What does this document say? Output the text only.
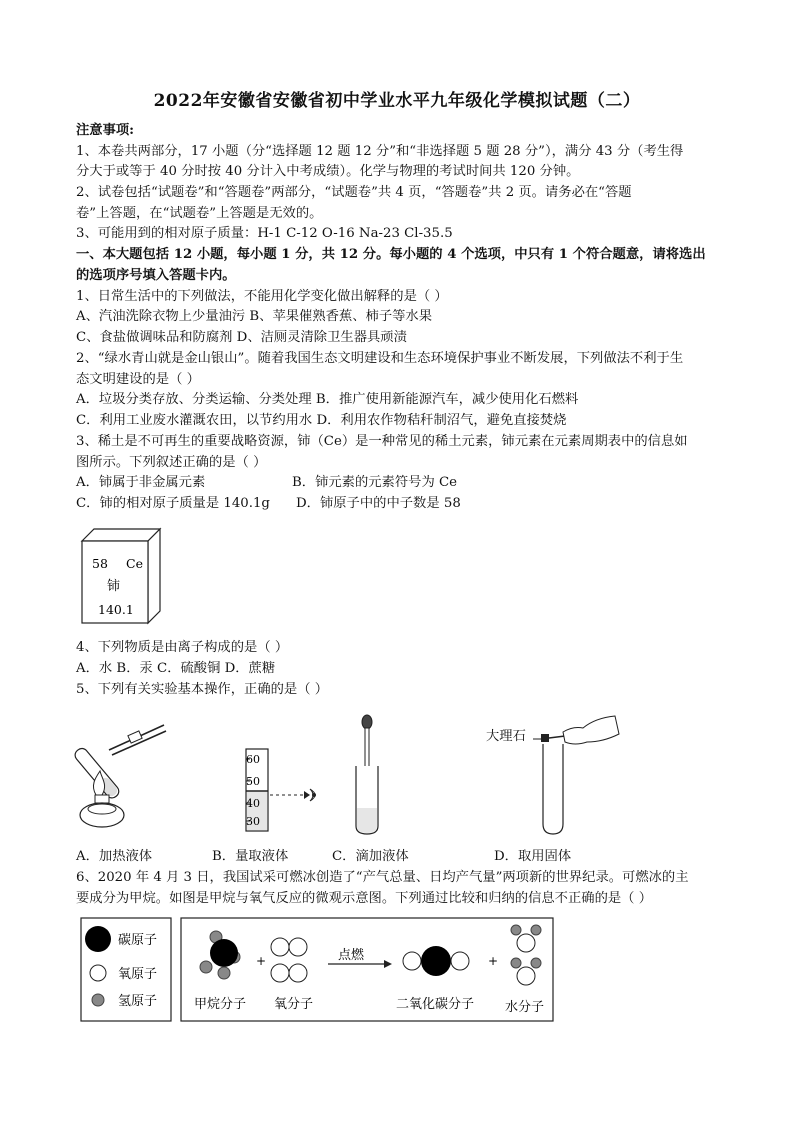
2022年安徽省安徽省初中学业水平九年级化学模拟试题（二）
注意事项:
1、本卷共两部分，17 小题（分“选择题 12 题 12 分”和“非选择题 5 题 28 分”），满分 43 分（考生得
分大于或等于 40 分时按 40 分计入中考成绩）。化学与物理的考试时间共 120 分钟。
2、试卷包括“试题卷”和“答题卷”两部分，“试题卷”共 4 页，“答题卷”共 2 页。请务必在“答题
卷”上答题，在“试题卷”上答题是无效的。
3、可能用到的相对原子质量：H-1 C-12 O-16 Na-23 Cl-35.5
一、本大题包括 12 小题，每小题 1 分，共 12 分。每小题的 4 个选项，中只有 1 个符合题意，请将选出
的选项序号填入答题卡内。
1、日常生活中的下列做法，不能用化学变化做出解释的是（ ）
A、汽油洗除衣物上少量油污 B、苹果催熟香蕉、柿子等水果
C、食盐做调味品和防腐剂 D、洁厕灵清除卫生器具顽渍
2、“绿水青山就是金山银山”。随着我国生态文明建设和生态环境保护事业不断发展，下列做法不利于生
态文明建设的是（ ）
A．垃圾分类存放、分类运输、分类处理 B．推广使用新能源汽车，减少使用化石燃料
C．利用工业废水灌溉农田，以节约用水 D．利用农作物秸秆制沼气，避免直接焚烧
3、稀土是不可再生的重要战略资源，铈（Ce）是一种常见的稀土元素，铈元素在元素周期表中的信息如
图所示。下列叙述正确的是（ ）
A．铈属于非金属元素	B．铈元素的元素符号为 Ce
C．铈的相对原子质量是 140.1g D．铈原子中的中子数是 58
58 Ce
铈
140.1
4、下列物质是由离子构成的是（ ）
A．水 B．汞 C．硫酸铜 D．蔗糖
5、下列有关实验基本操作，正确的是（ ）
60
50
40
30
大理石
A．加热液体	B．量取液体	C．滴加液体	D．取用固体
6、2020 年 4 月 3 日，我国试采可燃冰创造了“产气总量、日均产气量”两项新的世界纪录。可燃冰的主
要成分为甲烷。如图是甲烷与氧气反应的微观示意图。下列通过比较和归纳的信息不正确的是（ ）
碳原子
氧原子
氢原子
+	点燃	+
甲烷分子 氧分子	二氧化碳分子 水分子
